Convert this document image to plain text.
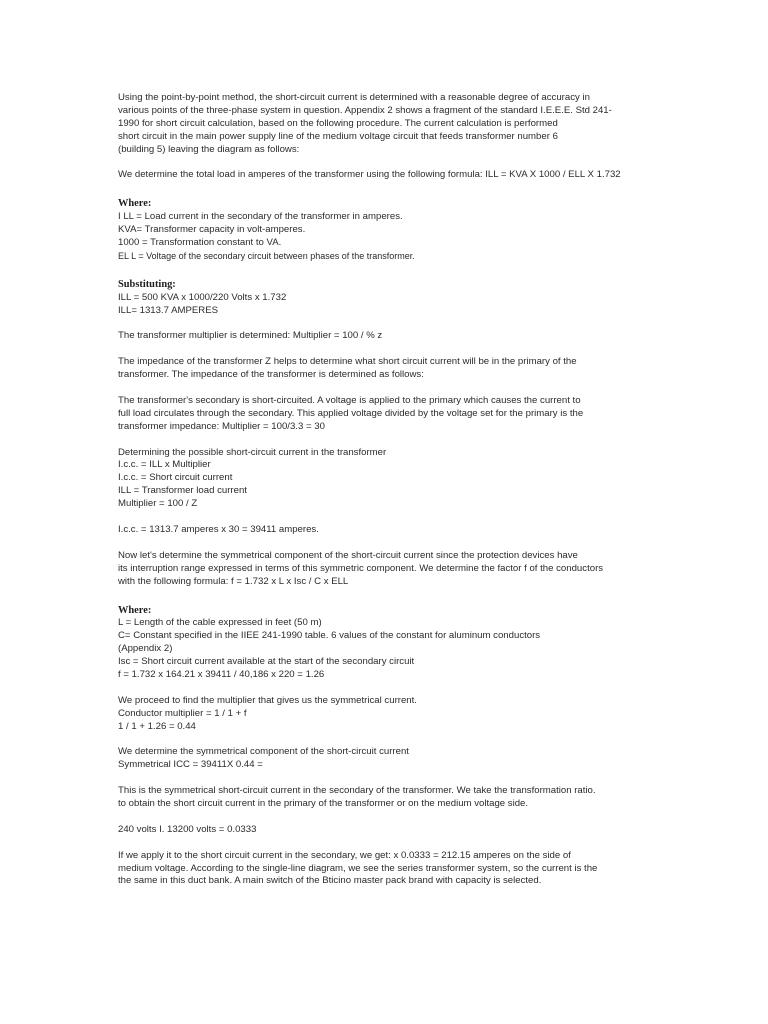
Using the point-by-point method, the short-circuit current is determined with a reasonable degree of accuracy in
various points of the three-phase system in question. Appendix 2 shows a fragment of the standard I.E.E.E. Std 241-
1990 for short circuit calculation, based on the following procedure. The current calculation is performed
short circuit in the main power supply line of the medium voltage circuit that feeds transformer number 6
(building 5) leaving the diagram as follows:
We determine the total load in amperes of the transformer using the following formula: ILL = KVA X 1000 / ELL X 1.732
Where:
I LL = Load current in the secondary of the transformer in amperes.
KVA= Transformer capacity in volt-amperes.
1000 = Transformation constant to VA.
EL L = Voltage of the secondary circuit between phases of the transformer.
Substituting:
ILL = 500 KVA x 1000/220 Volts x 1.732
ILL= 1313.7 AMPERES
The transformer multiplier is determined: Multiplier = 100 / % z
The impedance of the transformer Z helps to determine what short circuit current will be in the primary of the
transformer. The impedance of the transformer is determined as follows:
The transformer's secondary is short-circuited. A voltage is applied to the primary which causes the current to
full load circulates through the secondary. This applied voltage divided by the voltage set for the primary is the
transformer impedance: Multiplier = 100/3.3 = 30
Determining the possible short-circuit current in the transformer
I.c.c. = ILL x Multiplier
I.c.c. = Short circuit current
ILL = Transformer load current
Multiplier = 100 / Z
I.c.c. = 1313.7 amperes x 30 = 39411 amperes.
Now let's determine the symmetrical component of the short-circuit current since the protection devices have
its interruption range expressed in terms of this symmetric component. We determine the factor f of the conductors
with the following formula: f = 1.732 x L x Isc / C x ELL
Where:
L = Length of the cable expressed in feet (50 m)
C= Constant specified in the IIEE 241-1990 table. 6 values of the constant for aluminum conductors
(Appendix 2)
Isc = Short circuit current available at the start of the secondary circuit
f = 1.732 x 164.21 x 39411 / 40,186 x 220 = 1.26
We proceed to find the multiplier that gives us the symmetrical current.
Conductor multiplier = 1 / 1 + f
1 / 1 + 1.26 = 0.44
We determine the symmetrical component of the short-circuit current
Symmetrical ICC = 39411X 0.44 =
This is the symmetrical short-circuit current in the secondary of the transformer. We take the transformation ratio.
to obtain the short circuit current in the primary of the transformer or on the medium voltage side.
240 volts I. 13200 volts = 0.0333
If we apply it to the short circuit current in the secondary, we get: x 0.0333 = 212.15 amperes on the side of
medium voltage. According to the single-line diagram, we see the series transformer system, so the current is the
the same in this duct bank. A main switch of the Bticino master pack brand with capacity is selected.
